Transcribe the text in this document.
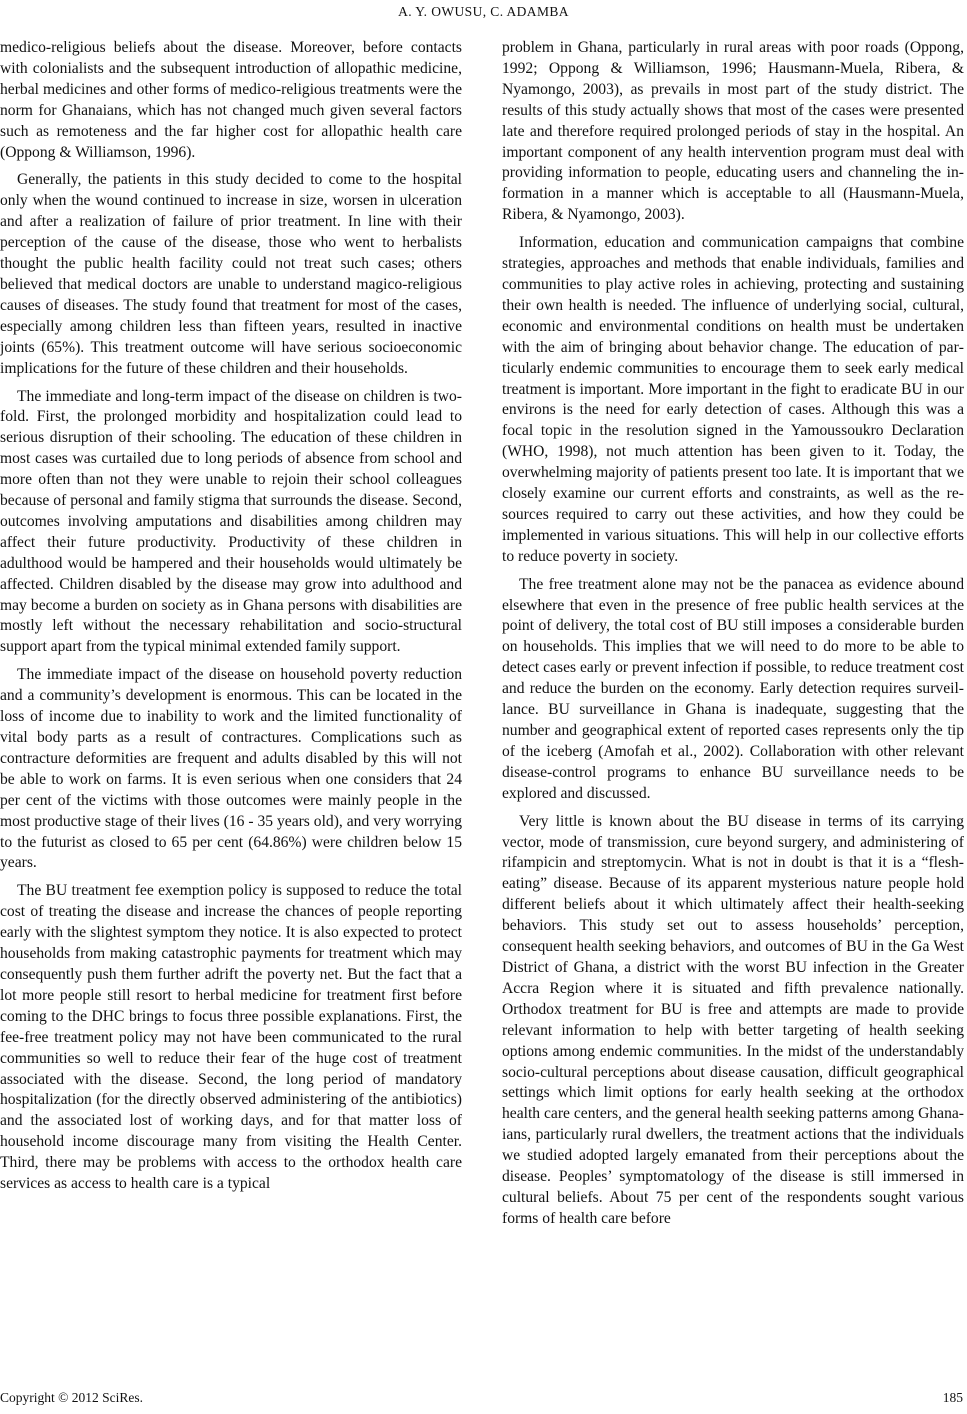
A. Y. OWUSU, C. ADAMBA

medico-religious beliefs about the disease. Moreover, before contacts with colonialists and the subsequent introduction of allopathic medicine, herbal medicines and other forms of medico-religious treatments were the norm for Ghanaians, which has not changed much given several factors such as remoteness and the far higher cost for allopathic health care (Oppong & Williamson, 1996).

Generally, the patients in this study decided to come to the hospital only when the wound continued to increase in size, worsen in ulceration and after a realization of failure of prior treatment. In line with their perception of the cause of the disease, those who went to herbalists thought the public health facility could not treat such cases; others believed that medical doctors are unable to understand magico-religious causes of diseases. The study found that treatment for most of the cases, especially among children less than fifteen years, resulted in inactive joints (65%). This treatment outcome will have serious socioeconomic implications for the future of these children and their households.

The immediate and long-term impact of the disease on children is two-fold. First, the prolonged morbidity and hospitalization could lead to serious disruption of their schooling. The education of these children in most cases was curtailed due to long periods of absence from school and more often than not they were unable to rejoin their school colleagues because of personal and family stigma that surrounds the disease. Second, outcomes involving amputations and disabilities among children may affect their future productivity. Productivity of these children in adulthood would be hampered and their households would ultimately be affected. Children disabled by the disease may grow into adulthood and may become a burden on society as in Ghana persons with disabilities are mostly left without the necessary rehabilitation and socio-structural support apart from the typical minimal extended family support.

The immediate impact of the disease on household poverty reduction and a community’s development is enormous. This can be located in the loss of income due to inability to work and the limited functionality of vital body parts as a result of contractures. Complications such as contracture deformities are frequent and adults disabled by this will not be able to work on farms. It is even serious when one considers that 24 per cent of the victims with those outcomes were mainly people in the most productive stage of their lives (16 - 35 years old), and very worrying to the futurist as closed to 65 per cent (64.86%) were children below 15 years.

The BU treatment fee exemption policy is supposed to reduce the total cost of treating the disease and increase the chances of people reporting early with the slightest symptom they notice. It is also expected to protect households from making catastrophic payments for treatment which may consequently push them further adrift the poverty net. But the fact that a lot more people still resort to herbal medicine for treatment first before coming to the DHC brings to focus three possible explanations. First, the fee-free treatment policy may not have been communicated to the rural communities so well to reduce their fear of the huge cost of treatment associated with the disease. Second, the long period of mandatory hospitalization (for the directly observed administering of the antibiotics) and the associated lost of working days, and for that matter loss of household income discourage many from visiting the Health Center. Third, there may be problems with access to the orthodox health care services as access to health care is a typical

problem in Ghana, particularly in rural areas with poor roads (Oppong, 1992; Oppong & Williamson, 1996; Hausmann-Muela, Ribera, & Nyamongo, 2003), as prevails in most part of the study district. The results of this study actually shows that most of the cases were presented late and therefore required prolonged periods of stay in the hospital. An important component of any health intervention program must deal with providing information to people, educating users and channeling the information in a manner which is acceptable to all (Hausmann-Muela, Ribera, & Nyamongo, 2003).

Information, education and communication campaigns that combine strategies, approaches and methods that enable individuals, families and communities to play active roles in achieving, protecting and sustaining their own health is needed. The influence of underlying social, cultural, economic and environmental conditions on health must be undertaken with the aim of bringing about behavior change. The education of particularly endemic communities to encourage them to seek early medical treatment is important. More important in the fight to eradicate BU in our environs is the need for early detection of cases. Although this was a focal topic in the resolution signed in the Yamoussoukro Declaration (WHO, 1998), not much attention has been given to it. Today, the overwhelming majority of patients present too late. It is important that we closely examine our current efforts and constraints, as well as the resources required to carry out these activities, and how they could be implemented in various situations. This will help in our collective efforts to reduce poverty in society.

The free treatment alone may not be the panacea as evidence abound elsewhere that even in the presence of free public health services at the point of delivery, the total cost of BU still imposes a considerable burden on households. This implies that we will need to do more to be able to detect cases early or prevent infection if possible, to reduce treatment cost and reduce the burden on the economy. Early detection requires surveillance. BU surveillance in Ghana is inadequate, suggesting that the number and geographical extent of reported cases represents only the tip of the iceberg (Amofah et al., 2002). Collaboration with other relevant disease-control programs to enhance BU surveillance needs to be explored and discussed.

Very little is known about the BU disease in terms of its carrying vector, mode of transmission, cure beyond surgery, and administering of rifampicin and streptomycin. What is not in doubt is that it is a “flesh-eating” disease. Because of its apparent mysterious nature people hold different beliefs about it which ultimately affect their health-seeking behaviors. This study set out to assess households’ perception, consequent health seeking behaviors, and outcomes of BU in the Ga West District of Ghana, a district with the worst BU infection in the Greater Accra Region where it is situated and fifth prevalence nationally. Orthodox treatment for BU is free and attempts are made to provide relevant information to help with better targeting of health seeking options among endemic communities. In the midst of the understandably socio-cultural perceptions about disease causation, difficult geographical settings which limit options for early health seeking at the orthodox health care centers, and the general health seeking patterns among Ghanaians, particularly rural dwellers, the treatment actions that the individuals we studied adopted largely emanated from their perceptions about the disease. Peoples’ symptomatology of the disease is still immersed in cultural beliefs. About 75 per cent of the respondents sought various forms of health care before

Copyright © 2012 SciRes.	185
